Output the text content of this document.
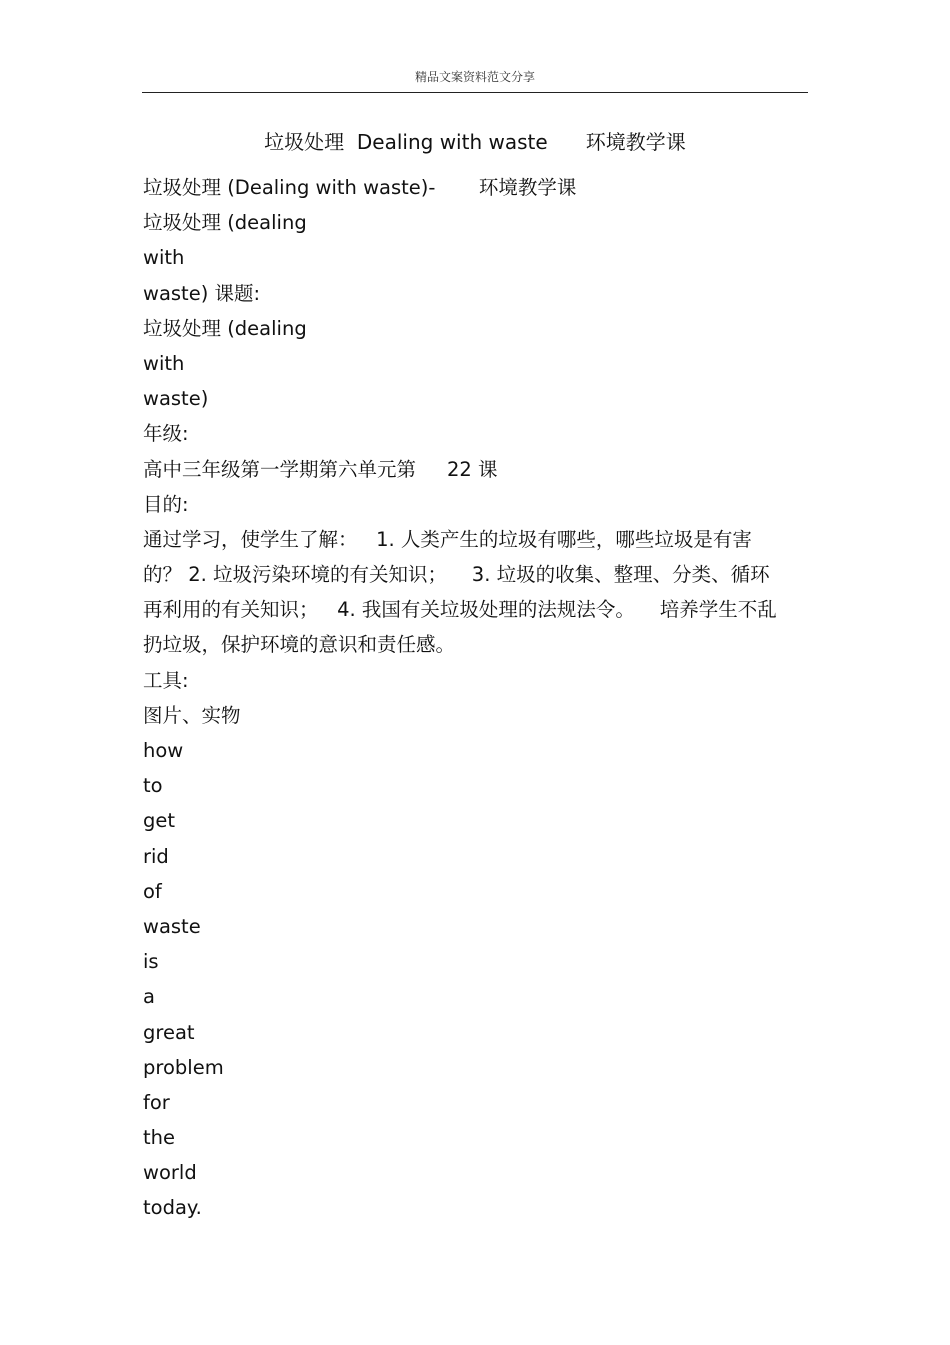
精品文案资料范文分享
垃圾处理  Dealing with waste      环境教学课
垃圾处理 (Dealing with waste)-       环境教学课
垃圾处理 (dealing
with
waste) 课题:
垃圾处理 (dealing
with
waste)
年级:
高中三年级第一学期第六单元第     22 课
目的:
通过学习，使学生了解：   1. 人类产生的垃圾有哪些，哪些垃圾是有害
的？ 2. 垃圾污染环境的有关知识；    3. 垃圾的收集、整理、分类、循环
再利用的有关知识；   4. 我国有关垃圾处理的法规法令。    培养学生不乱
扔垃圾，保护环境的意识和责任感。
工具:
图片、实物
how
to
get
rid
of
waste
is
a
great
problem
for
the
world
today.
